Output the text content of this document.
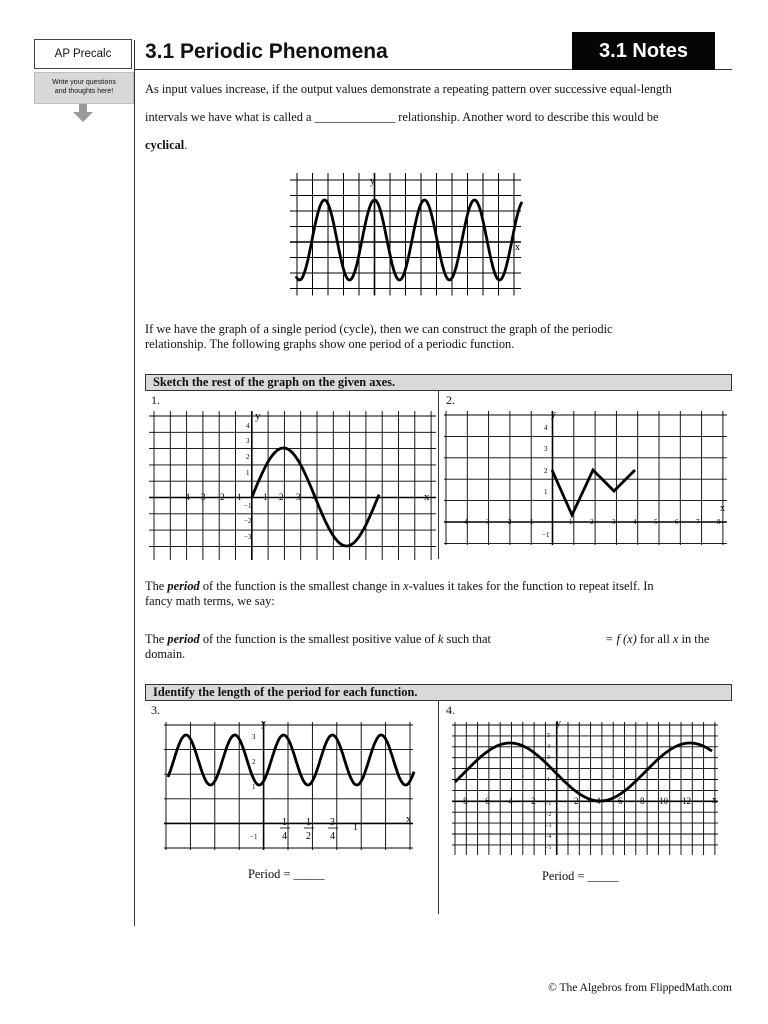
AP Precalc
Write your questions
and thoughts here!
3.1 Periodic Phenomena	3.1 Notes
As input values increase, if the output values demonstrate a repeating pattern over successive equal-length
intervals we have what is called a _____________ relationship. Another word to describe this would be
cyclical.
y
x
If we have the graph of a single period (cycle), then we can construct the graph of the periodic
relationship. The following graphs show one period of a periodic function.
Sketch the rest of the graph on the given axes.
1.	2.
y
x
−4 -3 −2 −1 1 2 3 4
4
3
2
1
−1
−2
−3
y
x
−4 −3 −2 −1	1	2	3	4	5	6	7	8
4
3
2
1
−1
The period of the function is the smallest change in x-values it takes for the function to repeat itself. In
fancy math terms, we say:
The period of the function is the smallest positive value of k such that	= f (x) for all x in the
domain.
Identify the length of the period for each function.
3.	4.
y
x
3
2
1
−1
1
4
1
2
3
4
1
y
x
−8 −6 −4 −2	2 4 6 8 10 12
5
4
3
2
1
−1
−2
−3
−4
−5
Period = _____	Period = _____
© The Algebros from FlippedMath.com
